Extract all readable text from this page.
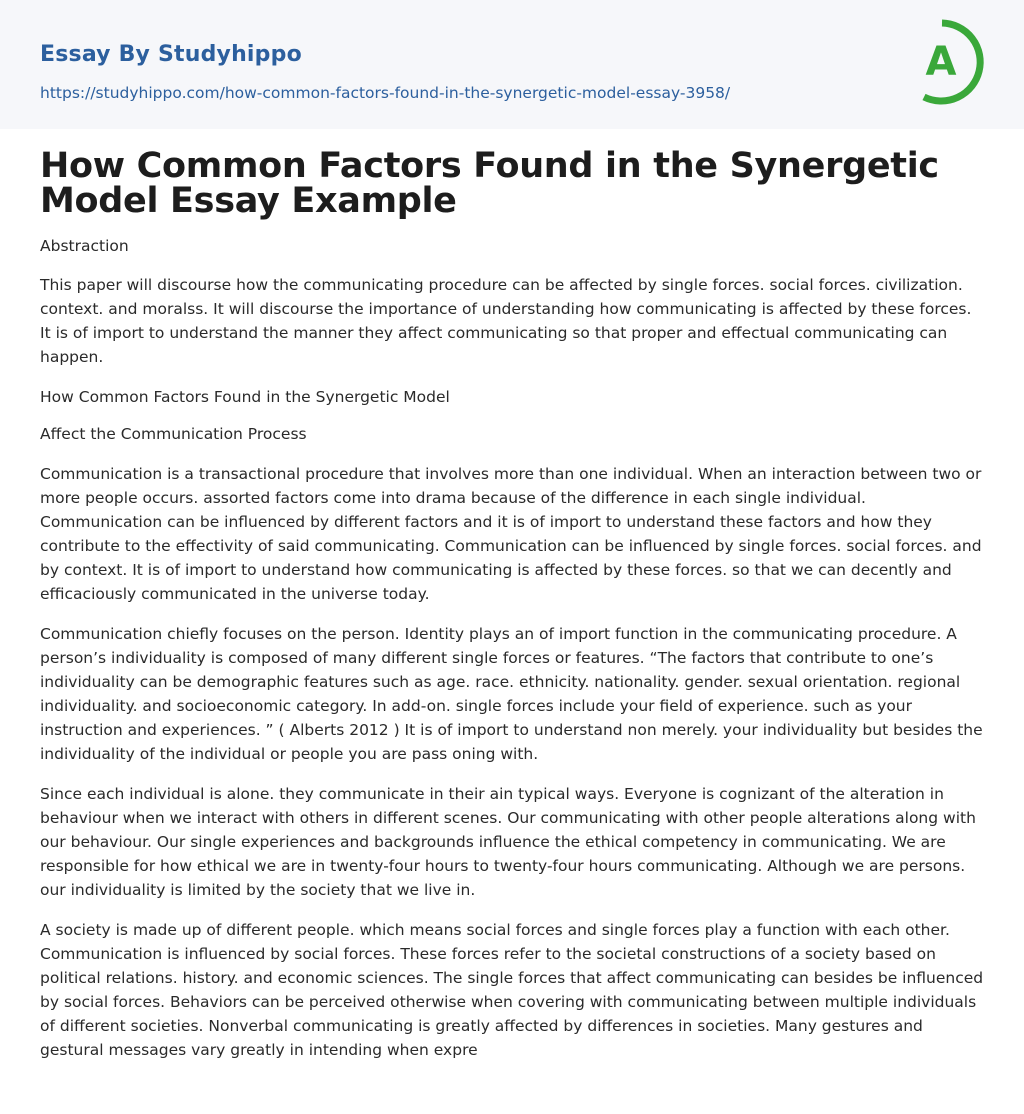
Essay By Studyhippo
https://studyhippo.com/how-common-factors-found-in-the-synergetic-model-essay-3958/
A
How Common Factors Found in the Synergetic Model Essay Example

Abstraction

This paper will discourse how the communicating procedure can be affected by single forces. social forces. civilization. context. and moralss. It will discourse the importance of understanding how communicating is affected by these forces. It is of import to understand the manner they affect communicating so that proper and effectual communicating can happen.

How Common Factors Found in the Synergetic Model

Affect the Communication Process

Communication is a transactional procedure that involves more than one individual. When an interaction between two or more people occurs. assorted factors come into drama because of the difference in each single individual. Communication can be influenced by different factors and it is of import to understand these factors and how they contribute to the effectivity of said communicating. Communication can be influenced by single forces. social forces. and by context. It is of import to understand how communicating is affected by these forces. so that we can decently and efficaciously communicated in the universe today.

Communication chiefly focuses on the person. Identity plays an of import function in the communicating procedure. A person’s individuality is composed of many different single forces or features. “The factors that contribute to one’s individuality can be demographic features such as age. race. ethnicity. nationality. gender. sexual orientation. regional individuality. and socioeconomic category. In add-on. single forces include your field of experience. such as your instruction and experiences. ” ( Alberts 2012 ) It is of import to understand non merely. your individuality but besides the individuality of the individual or people you are pass oning with.

Since each individual is alone. they communicate in their ain typical ways. Everyone is cognizant of the alteration in behaviour when we interact with others in different scenes. Our communicating with other people alterations along with our behaviour. Our single experiences and backgrounds influence the ethical competency in communicating. We are responsible for how ethical we are in twenty-four hours to twenty-four hours communicating. Although we are persons. our individuality is limited by the society that we live in.

A society is made up of different people. which means social forces and single forces play a function with each other. Communication is influenced by social forces. These forces refer to the societal constructions of a society based on political relations. history. and economic sciences. The single forces that affect communicating can besides be influenced by social forces. Behaviors can be perceived otherwise when covering with communicating between multiple individuals of different societies. Nonverbal communicating is greatly affected by differences in societies. Many gestures and gestural messages vary greatly in intending when expre
